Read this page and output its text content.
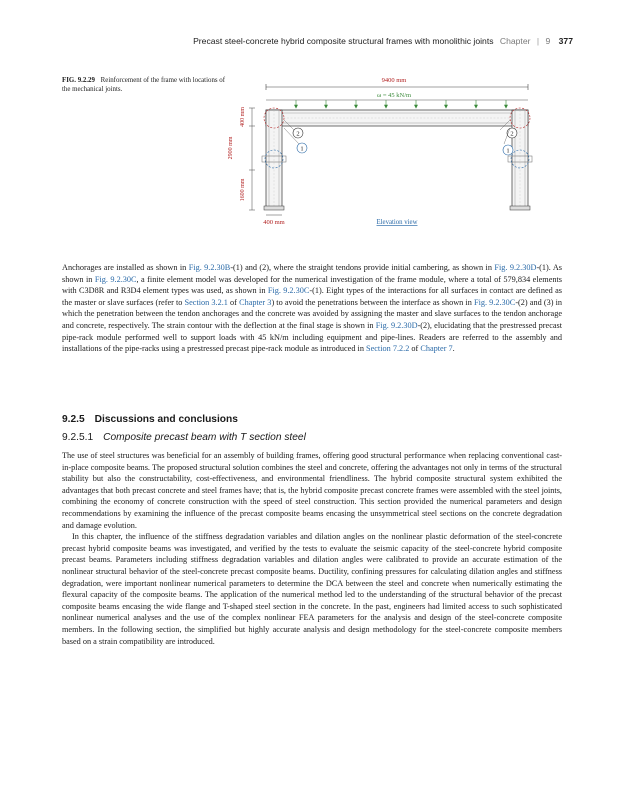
Precast steel-concrete hybrid composite structural frames with monolithic joints Chapter | 9 377
FIG. 9.2.29 Reinforcement of the frame with locations of the mechanical joints.
9400 mm
ω = 45 kN/m
2
1
2
1
400 mm
2900 mm
1600 mm
400 mm	Elevation view

Anchorages are installed as shown in Fig. 9.2.30B-(1) and (2), where the straight tendons provide initial cambering, as shown in Fig. 9.2.30D-(1). As shown in Fig. 9.2.30C, a finite element model was developed for the numerical investigation of the frame module, where a total of 579,834 elements with C3D8R and R3D4 element types was used, as shown in Fig. 9.2.30C-(1). Eight types of the interactions for all surfaces in contact are defined as the master or slave surfaces (refer to Section 3.2.1 of Chapter 3) to avoid the penetrations between the interface as shown in Fig. 9.2.30C-(2) and (3) in which the penetration between the tendon anchorages and the concrete was avoided by assigning the master and slave surfaces to the tendon anchorage and concrete, respectively. The strain contour with the deflection at the final stage is shown in Fig. 9.2.30D-(2), elucidating that the prestressed precast pipe-rack module performed well to support loads with 45 kN/m including equipment and pipe-lines. Readers are referred to the assembly and installations of the pipe-racks using a prestressed precast pipe-rack module as introduced in Section 7.2.2 of Chapter 7.

9.2.5 Discussions and conclusions
9.2.5.1 Composite precast beam with T section steel

The use of steel structures was beneficial for an assembly of building frames, offering good structural performance when replacing conventional cast-in-place composite beams. The proposed structural solution combines the steel and concrete, offering the advantages not only in terms of the structural stability but also the constructability, cost-effectiveness, and environmental friendliness. The hybrid composite structural system exhibited the advantages that both precast concrete and steel frames have; that is, the hybrid composite precast concrete frames were assembled with the steel joints, combining the economy of concrete construction with the speed of steel construction. This section provided the numerical parameters and design recommendations by examining the influence of the precast composite beams encasing the unsymmetrical steel sections on the concrete degradation and damage evolution.

In this chapter, the influence of the stiffness degradation variables and dilation angles on the nonlinear plastic deformation of the steel-concrete precast hybrid composite beams was investigated, and verified by the tests to evaluate the seismic capacity of the steel-concrete hybrid composite precast beams. Parameters including stiffness degradation variables and dilation angles were calibrated to provide an accurate estimation of the nonlinear structural behavior of the steel-concrete precast composite beams. Ductility, confining pressures for calculating dilation angles and stiffness degradation, were important nonlinear numerical parameters to determine the DCA between the steel and concrete when numerically estimating the flexural capacity of the composite beams. The application of the numerical method led to the understanding of the structural behavior of the precast composite beams encasing the wide flange and T-shaped steel section in the concrete. In the past, engineers had limited access to such sophisticated nonlinear numerical analyses and the use of the complex nonlinear FEA parameters for the analysis and design of the steel-concrete composite members. In the following section, the simplified but highly accurate analysis and design methodology for the steel-concrete composite members based on a strain compatibility are introduced.
